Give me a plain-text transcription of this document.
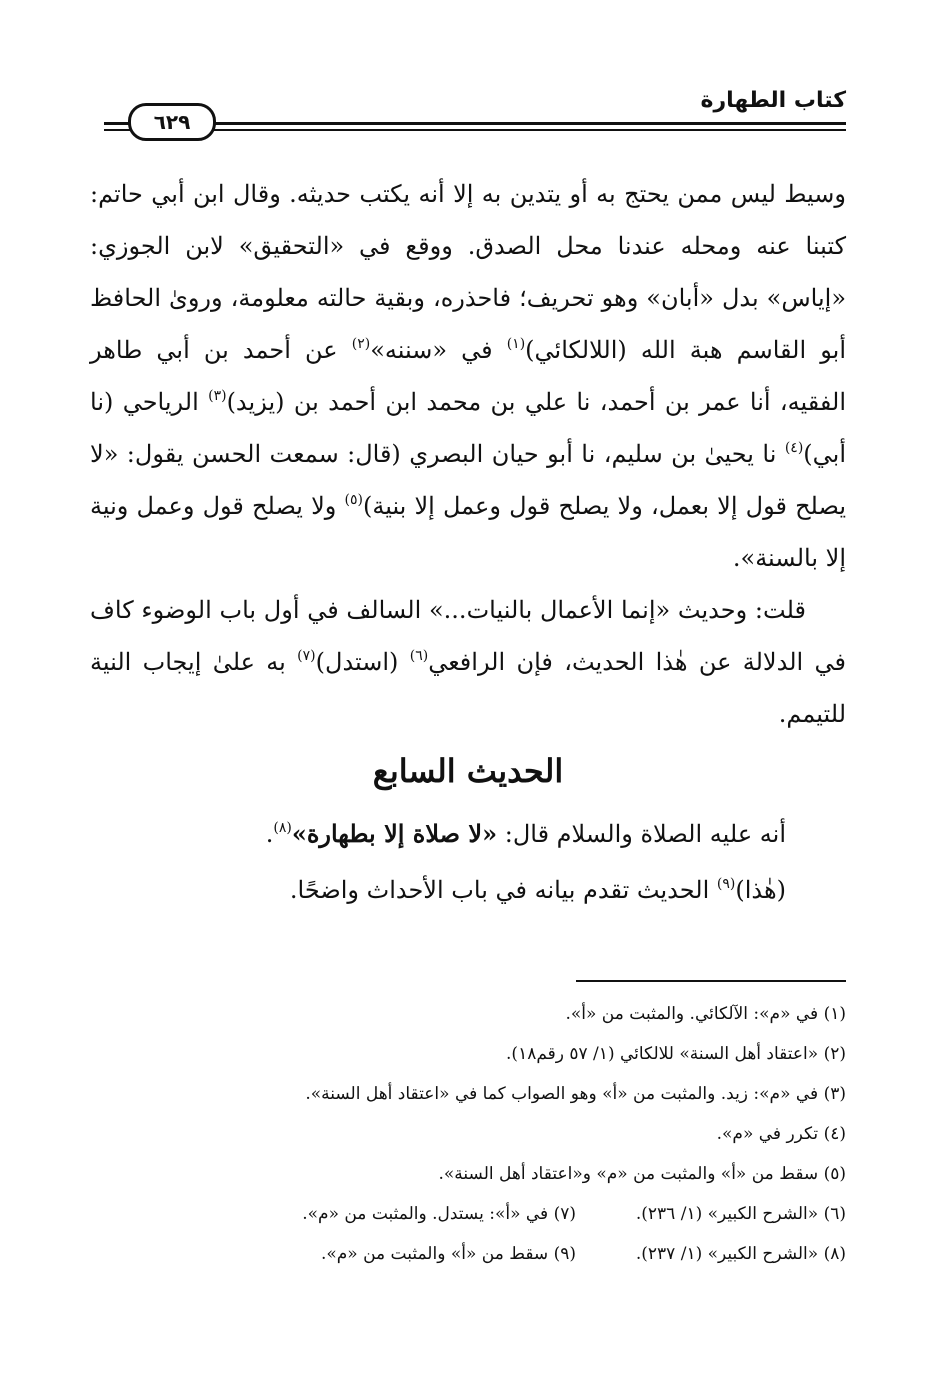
كتاب الطهارة
٦٢٩

وسيط ليس ممن يحتج به أو يتدين به إلا أنه يكتب حديثه. وقال ابن أبي حاتم: كتبنا عنه ومحله عندنا محل الصدق. ووقع في «التحقيق» لابن الجوزي: «إياس» بدل «أبان» وهو تحريف؛ فاحذره، وبقية حالته معلومة، وروىٰ الحافظ أبو القاسم هبة الله (اللالكائي)$^{(١)}$ في «سننه»$^{(٢)}$ عن أحمد بن أبي طاهر الفقيه، أنا عمر بن أحمد، نا علي بن محمد ابن أحمد بن (يزيد)$^{(٣)}$ الرياحي (نا أبي)$^{(٤)}$ نا يحيىٰ بن سليم، نا أبو حيان البصري (قال: سمعت الحسن يقول: «لا يصلح قول إلا بعمل، ولا يصلح قول وعمل إلا بنية)$^{(٥)}$ ولا يصلح قول وعمل ونية إلا بالسنة».

قلت: وحديث «إنما الأعمال بالنيات...» السالف في أول باب الوضوء كاف في الدلالة عن هٰذا الحديث، فإن الرافعي$^{(٦)}$ (استدل)$^{(٧)}$ به علىٰ إيجاب النية للتيمم.

الحديث السابع

أنه عليه الصلاة والسلام قال: «لا صلاة إلا بطهارة»$^{(٨)}$.

(هٰذا)$^{(٩)}$ الحديث تقدم بيانه في باب الأحداث واضحًا.

(١) في «م»: الآلكائي. والمثبت من «أ».
(٢) «اعتقاد أهل السنة» للالكائي (١/ ٥٧ رقم١٨).
(٣) في «م»: زيد. والمثبت من «أ» وهو الصواب كما في «اعتقاد أهل السنة».
(٤) تكرر في «م».
(٥) سقط من «أ» والمثبت من «م» و«اعتقاد أهل السنة».
(٦) «الشرح الكبير» (١/ ٢٣٦).
(٧) في «أ»: يستدل. والمثبت من «م».
(٨) «الشرح الكبير» (١/ ٢٣٧).
(٩) سقط من «أ» والمثبت من «م».
